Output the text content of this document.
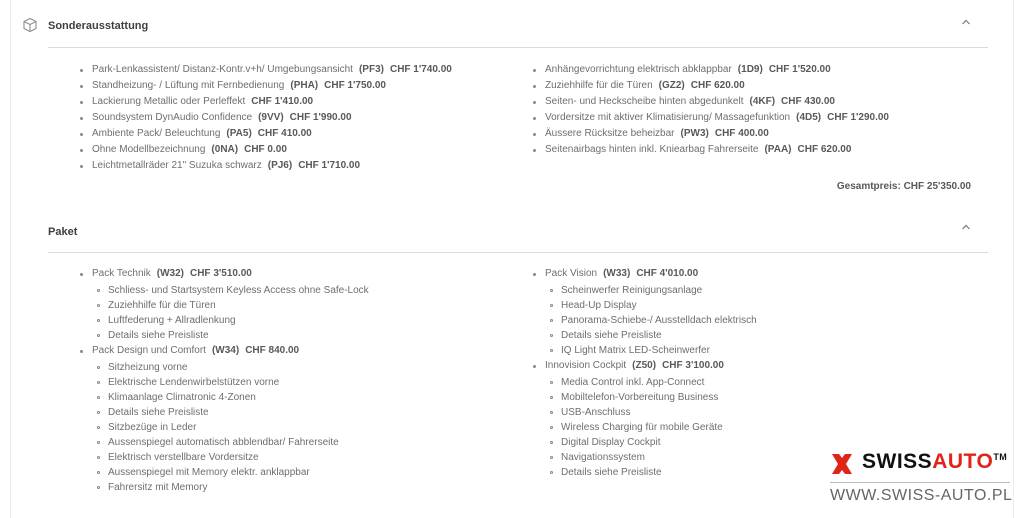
Sonderausstattung
Park-Lenkassistent/ Distanz-Kontr.v+h/ Umgebungsansicht (PF3) CHF 1'740.00
Standheizung- / Lüftung mit Fernbedienung (PHA) CHF 1'750.00
Lackierung Metallic oder Perleffekt CHF 1'410.00
Soundsystem DynAudio Confidence (9VV) CHF 1'990.00
Ambiente Pack/ Beleuchtung (PA5) CHF 410.00
Ohne Modellbezeichnung (0NA) CHF 0.00
Leichtmetallräder 21" Suzuka schwarz (PJ6) CHF 1'710.00
Anhängevorrichtung elektrisch abklappbar (1D9) CHF 1'520.00
Zuziehhilfe für die Türen (GZ2) CHF 620.00
Seiten- und Heckscheibe hinten abgedunkelt (4KF) CHF 430.00
Vordersitze mit aktiver Klimatisierung/ Massagefunktion (4D5) CHF 1'290.00
Äussere Rücksitze beheizbar (PW3) CHF 400.00
Seitenairbags hinten inkl. Kniearbag Fahrerseite (PAA) CHF 620.00
Gesamtpreis: CHF 25'350.00
Paket
Pack Technik (W32) CHF 3'510.00
Schliess- und Startsystem Keyless Access ohne Safe-Lock
Zuziehhilfe für die Türen
Luftfederung + Allradlenkung
Details siehe Preisliste
Pack Design und Comfort (W34) CHF 840.00
Sitzheizung vorne
Elektrische Lendenwirbelstützen vorne
Klimaanlage Climatronic 4-Zonen
Details siehe Preisliste
Sitzbezüge in Leder
Aussenspiegel automatisch abblendbar/ Fahrerseite
Elektrisch verstellbare Vordersitze
Aussenspiegel mit Memory elektr. anklappbar
Fahrersitz mit Memory
Pack Vision (W33) CHF 4'010.00
Scheinwerfer Reinigungsanlage
Head-Up Display
Panorama-Schiebe-/ Ausstelldach elektrisch
Details siehe Preisliste
IQ Light Matrix LED-Scheinwerfer
Innovision Cockpit (Z50) CHF 3'100.00
Media Control inkl. App-Connect
Mobiltelefon-Vorbereitung Business
USB-Anschluss
Wireless Charging für mobile Geräte
Digital Display Cockpit
Navigationssystem
Details siehe Preisliste	SWISSAUTO™
WWW.SWISS-AUTO.PL
